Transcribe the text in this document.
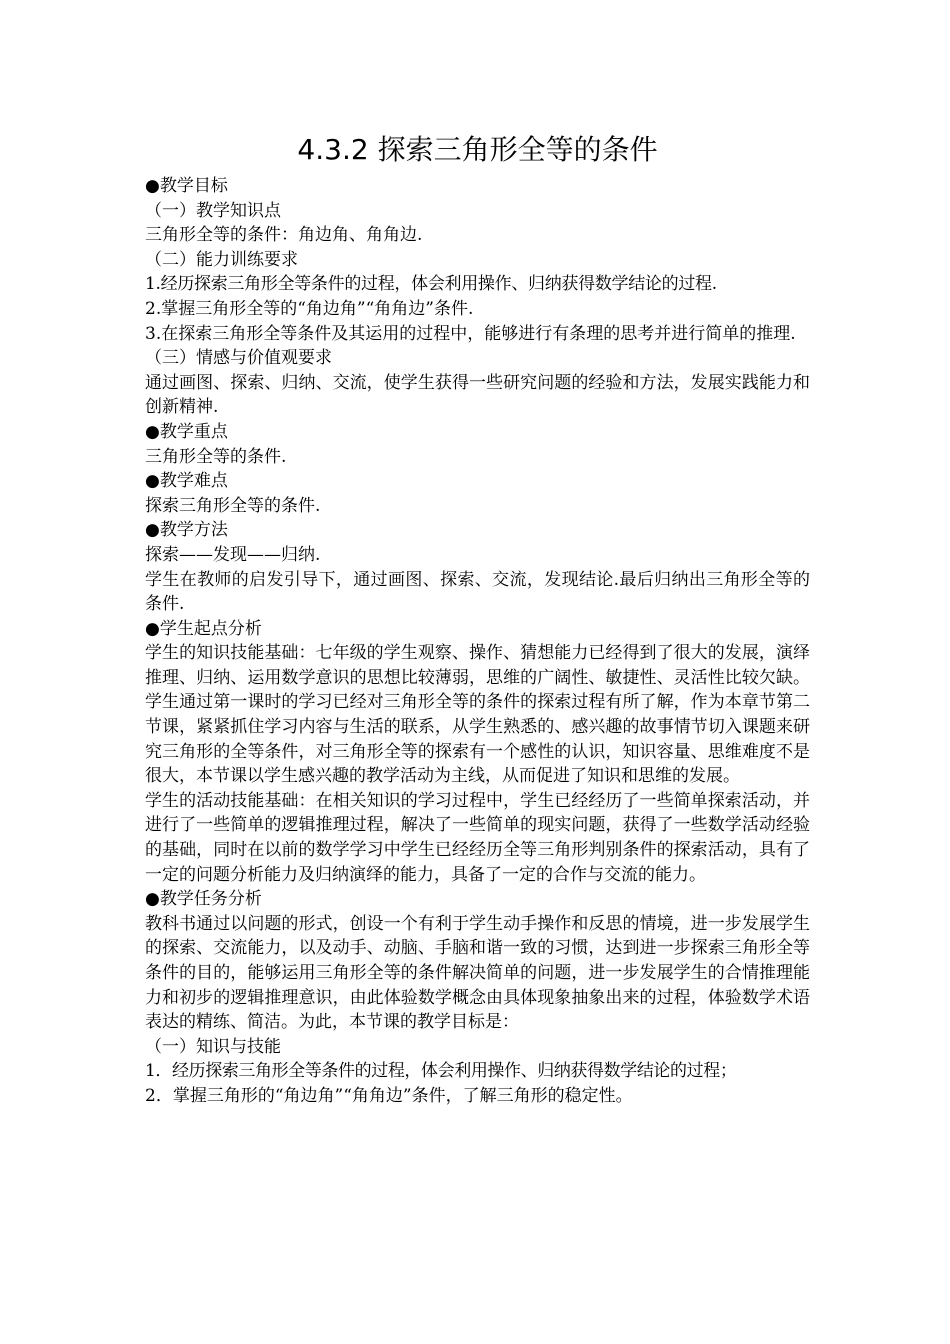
4.3.2 探索三角形全等的条件

●教学目标

（一）教学知识点

三角形全等的条件：角边角、角角边.

（二）能力训练要求

1.经历探索三角形全等条件的过程，体会利用操作、归纳获得数学结论的过程.

2.掌握三角形全等的“角边角”“角角边”条件.

3.在探索三角形全等条件及其运用的过程中，能够进行有条理的思考并进行简单的推理.

（三）情感与价值观要求

通过画图、探索、归纳、交流，使学生获得一些研究问题的经验和方法，发展实践能力和创新精神.

●教学重点

三角形全等的条件.

●教学难点

探索三角形全等的条件.

●教学方法

探索——发现——归纳.

学生在教师的启发引导下，通过画图、探索、交流，发现结论.最后归纳出三角形全等的条件.

●学生起点分析

学生的知识技能基础：七年级的学生观察、操作、猜想能力已经得到了很大的发展，演绎推理、归纳、运用数学意识的思想比较薄弱，思维的广阔性、敏捷性、灵活性比较欠缺。学生通过第一课时的学习已经对三角形全等的条件的探索过程有所了解，作为本章节第二节课，紧紧抓住学习内容与生活的联系，从学生熟悉的、感兴趣的故事情节切入课题来研究三角形的全等条件，对三角形全等的探索有一个感性的认识，知识容量、思维难度不是很大，本节课以学生感兴趣的教学活动为主线，从而促进了知识和思维的发展。

学生的活动技能基础：在相关知识的学习过程中，学生已经经历了一些简单探索活动，并进行了一些简单的逻辑推理过程，解决了一些简单的现实问题，获得了一些数学活动经验的基础，同时在以前的数学学习中学生已经经历全等三角形判别条件的探索活动，具有了一定的问题分析能力及归纳演绎的能力，具备了一定的合作与交流的能力。

●教学任务分析

教科书通过以问题的形式，创设一个有利于学生动手操作和反思的情境，进一步发展学生的探索、交流能力，以及动手、动脑、手脑和谐一致的习惯，达到进一步探索三角形全等条件的目的，能够运用三角形全等的条件解决简单的问题，进一步发展学生的合情推理能力和初步的逻辑推理意识，由此体验数学概念由具体现象抽象出来的过程，体验数学术语表达的精练、简洁。为此，本节课的教学目标是：

（一）知识与技能

1．经历探索三角形全等条件的过程，体会利用操作、归纳获得数学结论的过程；

2．掌握三角形的“角边角”“角角边”条件，了解三角形的稳定性。
